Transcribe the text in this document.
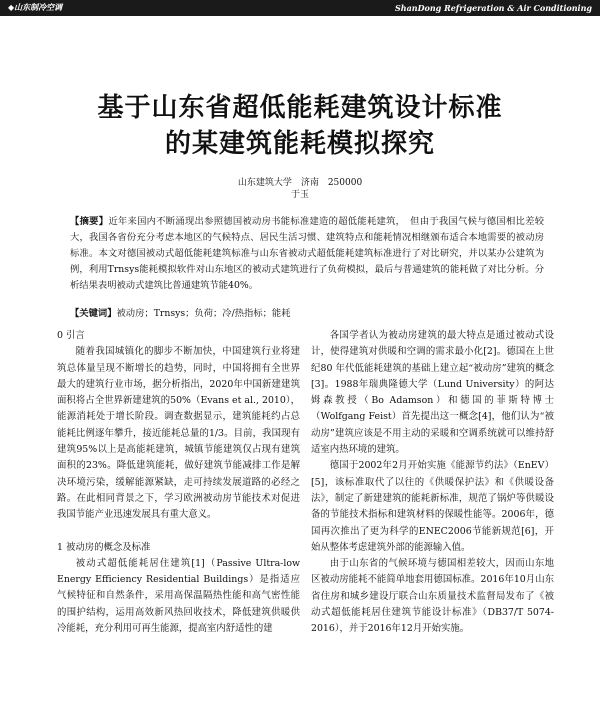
◆山东制冷空调	ShanDong Refrigeration & Air Conditioning
基于山东省超低能耗建筑设计标准
的某建筑能耗模拟探究
山东建筑大学　济南　250000
于玉
【摘要】近年来国内不断涌现出参照德国被动房书能标准建造的超低能耗建筑，　但由于我国气候与德国相比差较大，我国各省份充分考虑本地区的气候特点、居民生活习惯、建筑特点和能耗情况相继颁布适合本地需要的被动房标准。本文对德国被动式超低能耗建筑标准与山东省被动式超低能耗建筑标准进行了对比研究，并以某办公建筑为例，利用Trnsys能耗模拟软件对山东地区的被动式建筑进行了负荷模拟，最后与普通建筑的能耗做了对比分析。分析结果表明被动式建筑比普通建筑节能40%。
【关键词】被动房；Trnsys；负荷；冷/热指标；能耗
0 引言

随着我国城镇化的脚步不断加快，中国建筑行业将建筑总体量呈现不断增长的趋势，同时，中国将拥有全世界最大的建筑行业市场，据分析指出，2020年中国新建建筑面积将占全世界新建建筑的50%（Evans et al., 2010），能源消耗处于增长阶段。调查数据显示，建筑能耗约占总能耗比例逐年攀升，接近能耗总量的1/3。目前，我国现有建筑95%以上是高能耗建筑，城镇节能建筑仅占现有建筑面积的23%。降低建筑能耗，做好建筑节能减排工作是解决环境污染，缓解能源紧缺，走可持续发展道路的必经之路。在此相同背景之下，学习欧洲被动房节能技术对促进我国节能产业迅速发展具有重大意义。

1 被动房的概念及标准

被动式超低能耗居住建筑[1]（Passive Ultra-low Energy Efficiency Residential Buildings）是指适应气候特征和自然条件，采用高保温隔热性能和高气密性能的围护结构，运用高效新风热回收技术，降低建筑供暖供冷能耗，充分利用可再生能源，提高室内舒适性的建

各国学者认为被动房建筑的最大特点是通过被动式设计，使得建筑对供暖和空调的需求最小化[2]。德国在上世纪80 年代低能耗建筑的基础上建立起“被动房”建筑的概念[3]。1988年瑞典隆德大学（Lund University）的阿达姆森教授（Bo Adamson）和德国的菲斯特博士（Wolfgang Feist）首先提出这一概念[4]，他们认为“被动房”建筑应该是不用主动的采暖和空调系统就可以维持舒适室内热环境的建筑。

德国于2002年2月开始实施《能源节约法》（EnEV）[5]，该标准取代了以往的《供暖保护法》和《供暖设备法》，制定了新建建筑的能耗新标准，规范了锅炉等供暖设备的节能技术指标和建筑材料的保暖性能等。2006年，德国再次推出了更为科学的ENEC2006节能新规范[6]，开始从整体考虑建筑外部的能源输入值。

由于山东省的气候环境与德国相差较大，因而山东地区被动房能耗不能简单地套用德国标准。2016年10月山东省住房和城乡建设厅联合山东质量技术监督局发布了《被动式超低能耗居住建筑节能设计标准》（DB37/T 5074-2016），并于2016年12月开始实施。
